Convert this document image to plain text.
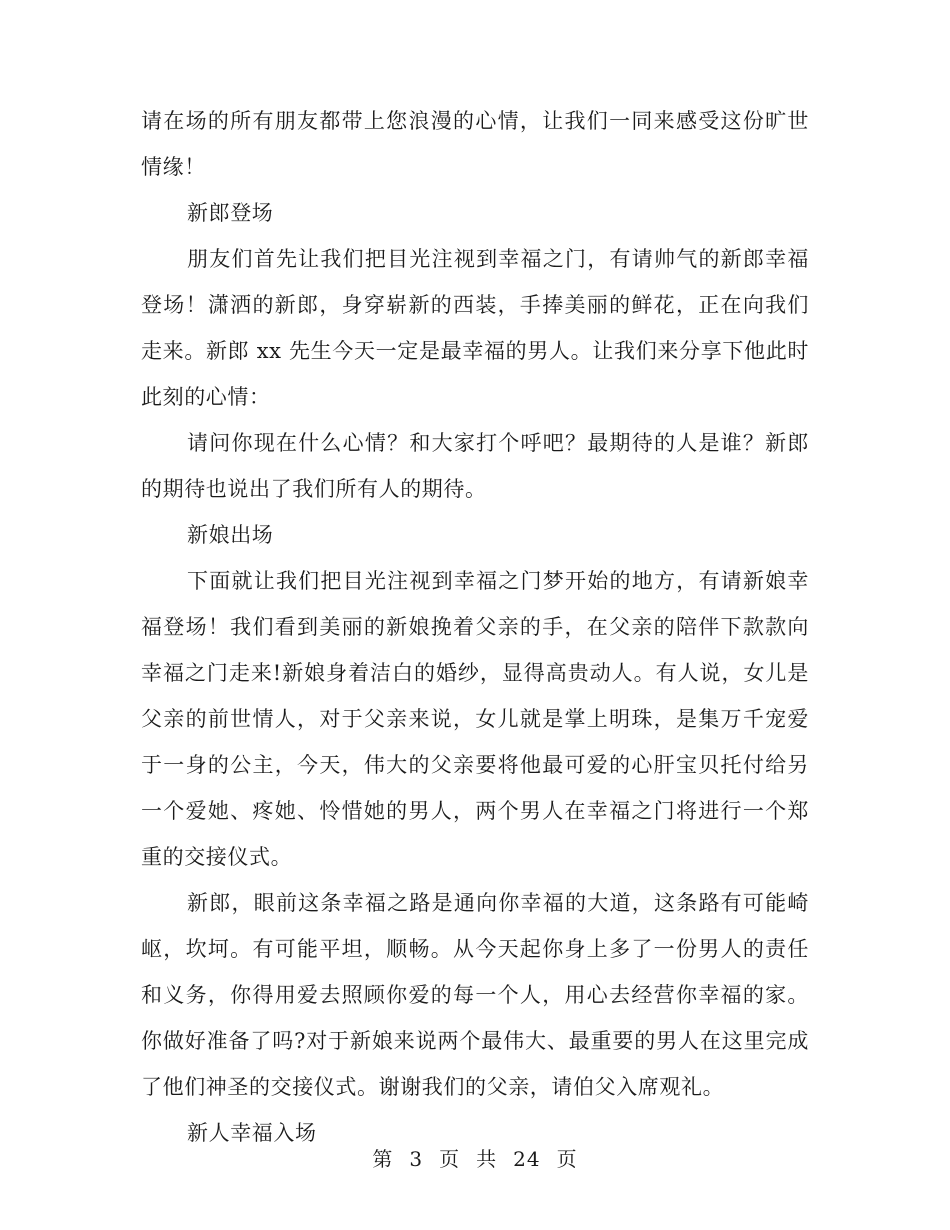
请在场的所有朋友都带上您浪漫的心情，让我们一同来感受这份旷世情缘！

新郎登场

朋友们首先让我们把目光注视到幸福之门，有请帅气的新郎幸福登场！潇洒的新郎，身穿崭新的西装，手捧美丽的鲜花，正在向我们走来。新郎 xx 先生今天一定是最幸福的男人。让我们来分享下他此时此刻的心情：

请问你现在什么心情？和大家打个呼吧？最期待的人是谁？新郎的期待也说出了我们所有人的期待。

新娘出场

下面就让我们把目光注视到幸福之门梦开始的地方，有请新娘幸福登场！我们看到美丽的新娘挽着父亲的手，在父亲的陪伴下款款向幸福之门走来!新娘身着洁白的婚纱，显得高贵动人。有人说，女儿是父亲的前世情人，对于父亲来说，女儿就是掌上明珠，是集万千宠爱于一身的公主，今天，伟大的父亲要将他最可爱的心肝宝贝托付给另一个爱她、疼她、怜惜她的男人，两个男人在幸福之门将进行一个郑重的交接仪式。

新郎，眼前这条幸福之路是通向你幸福的大道，这条路有可能崎岖，坎坷。有可能平坦，顺畅。从今天起你身上多了一份男人的责任和义务，你得用爱去照顾你爱的每一个人，用心去经营你幸福的家。你做好准备了吗?对于新娘来说两个最伟大、最重要的男人在这里完成了他们神圣的交接仪式。谢谢我们的父亲，请伯父入席观礼。

新人幸福入场

第 3 页 共 24 页
